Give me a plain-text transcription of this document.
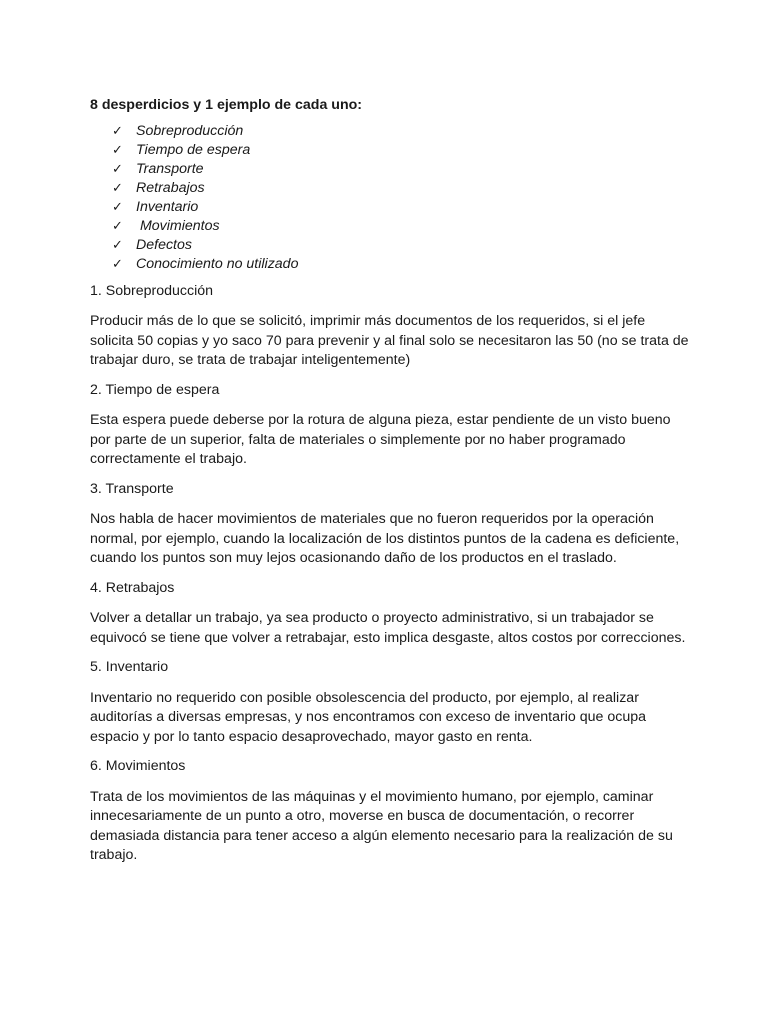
8 desperdicios y 1 ejemplo de cada uno:
✓ Sobreproducción
✓ Tiempo de espera
✓ Transporte
✓ Retrabajos
✓ Inventario
✓ Movimientos
✓ Defectos
✓ Conocimiento no utilizado
1. Sobreproducción
Producir más de lo que se solicitó, imprimir más documentos de los requeridos, si el jefe solicita 50 copias y yo saco 70 para prevenir y al final solo se necesitaron las 50 (no se trata de trabajar duro, se trata de trabajar inteligentemente)
2. Tiempo de espera
Esta espera puede deberse por la rotura de alguna pieza, estar pendiente de un visto bueno por parte de un superior, falta de materiales o simplemente por no haber programado correctamente el trabajo.
3. Transporte
Nos habla de hacer movimientos de materiales que no fueron requeridos por la operación normal, por ejemplo, cuando la localización de los distintos puntos de la cadena es deficiente, cuando los puntos son muy lejos ocasionando daño de los productos en el traslado.
4. Retrabajos
Volver a detallar un trabajo, ya sea producto o proyecto administrativo, si un trabajador se equivocó se tiene que volver a retrabajar, esto implica desgaste, altos costos por correcciones.
5. Inventario
Inventario no requerido con posible obsolescencia del producto, por ejemplo, al realizar auditorías a diversas empresas, y nos encontramos con exceso de inventario que ocupa espacio y por lo tanto espacio desaprovechado, mayor gasto en renta.
6. Movimientos
Trata de los movimientos de las máquinas y el movimiento humano, por ejemplo, caminar innecesariamente de un punto a otro, moverse en busca de documentación, o recorrer demasiada distancia para tener acceso a algún elemento necesario para la realización de su trabajo.
